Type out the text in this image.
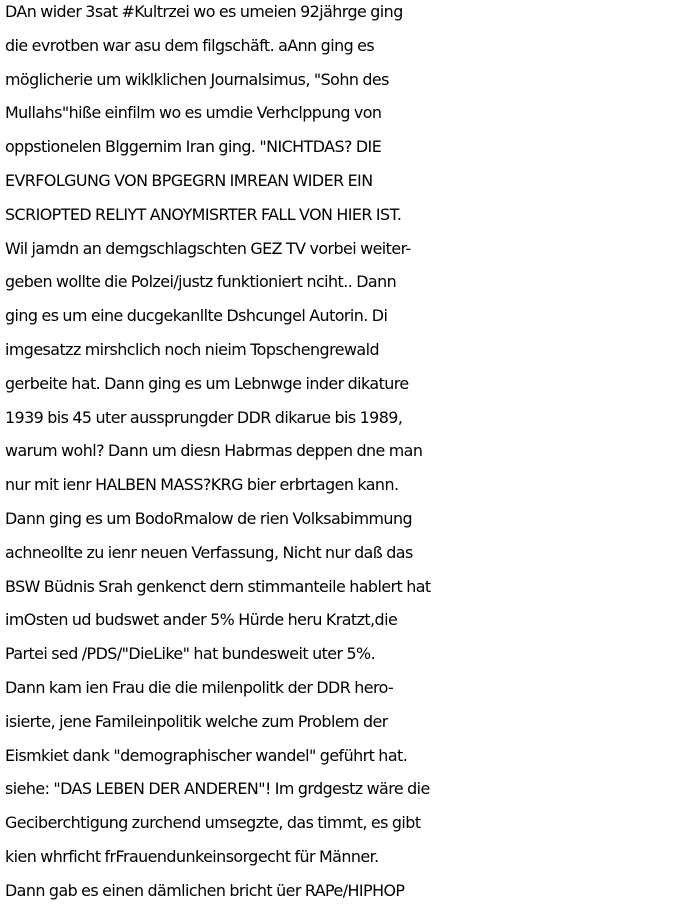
DAn wider 3sat #Kultrzei wo es umeien 92jährge ging

die evrotben war asu dem filgschäft. aAnn ging es

möglicherie um wiklklichen Journalsimus, "Sohn des

Mullahs"hiße einfilm wo es umdie Verhclppung von

oppstionelen Blggernim Iran ging. "NICHTDAS? DIE

EVRFOLGUNG VON BPGEGRN IMREAN WIDER EIN

SCRIOPTED RELIYT ANOYMISRTER FALL VON HIER IST.

Wil jamdn an demgschlagschten GEZ TV vorbei weiter-

geben wollte die Polzei/justz funktioniert nciht.. Dann

ging es um eine ducgekanllte Dshcungel Autorin. Di

imgesatzz mirshclich noch nieim Topschengrewald

gerbeite hat. Dann ging es um Lebnwge inder dikature

1939 bis 45 uter aussprungder DDR dikarue bis 1989,

warum wohl? Dann um diesn Habrmas deppen dne man

nur mit ienr HALBEN MASS?KRG bier erbrtagen kann.

Dann ging es um BodoRmalow de rien Volksabimmung

achneollte zu ienr neuen Verfassung, Nicht nur daß das

BSW Büdnis Srah genkenct dern stimmanteile hablert hat

imOsten ud budswet ander 5% Hürde heru Kratzt,die

Partei sed /PDS/"DieLike" hat bundesweit uter 5%.

Dann kam ien Frau die die milenpolitk der DDR hero-

isierte, jene Famileinpolitik welche zum Problem der

Eismkiet dank "demographischer wandel" geführt hat.

siehe: "DAS LEBEN DER ANDEREN"! Im grdgestz wäre die

Geciberchtigung zurchend umsegzte, das timmt, es gibt

kien whrficht frFrauendunkeinsorgecht für Männer.

Dann gab es einen dämlichen bricht üer RAPe/HIPHOP
